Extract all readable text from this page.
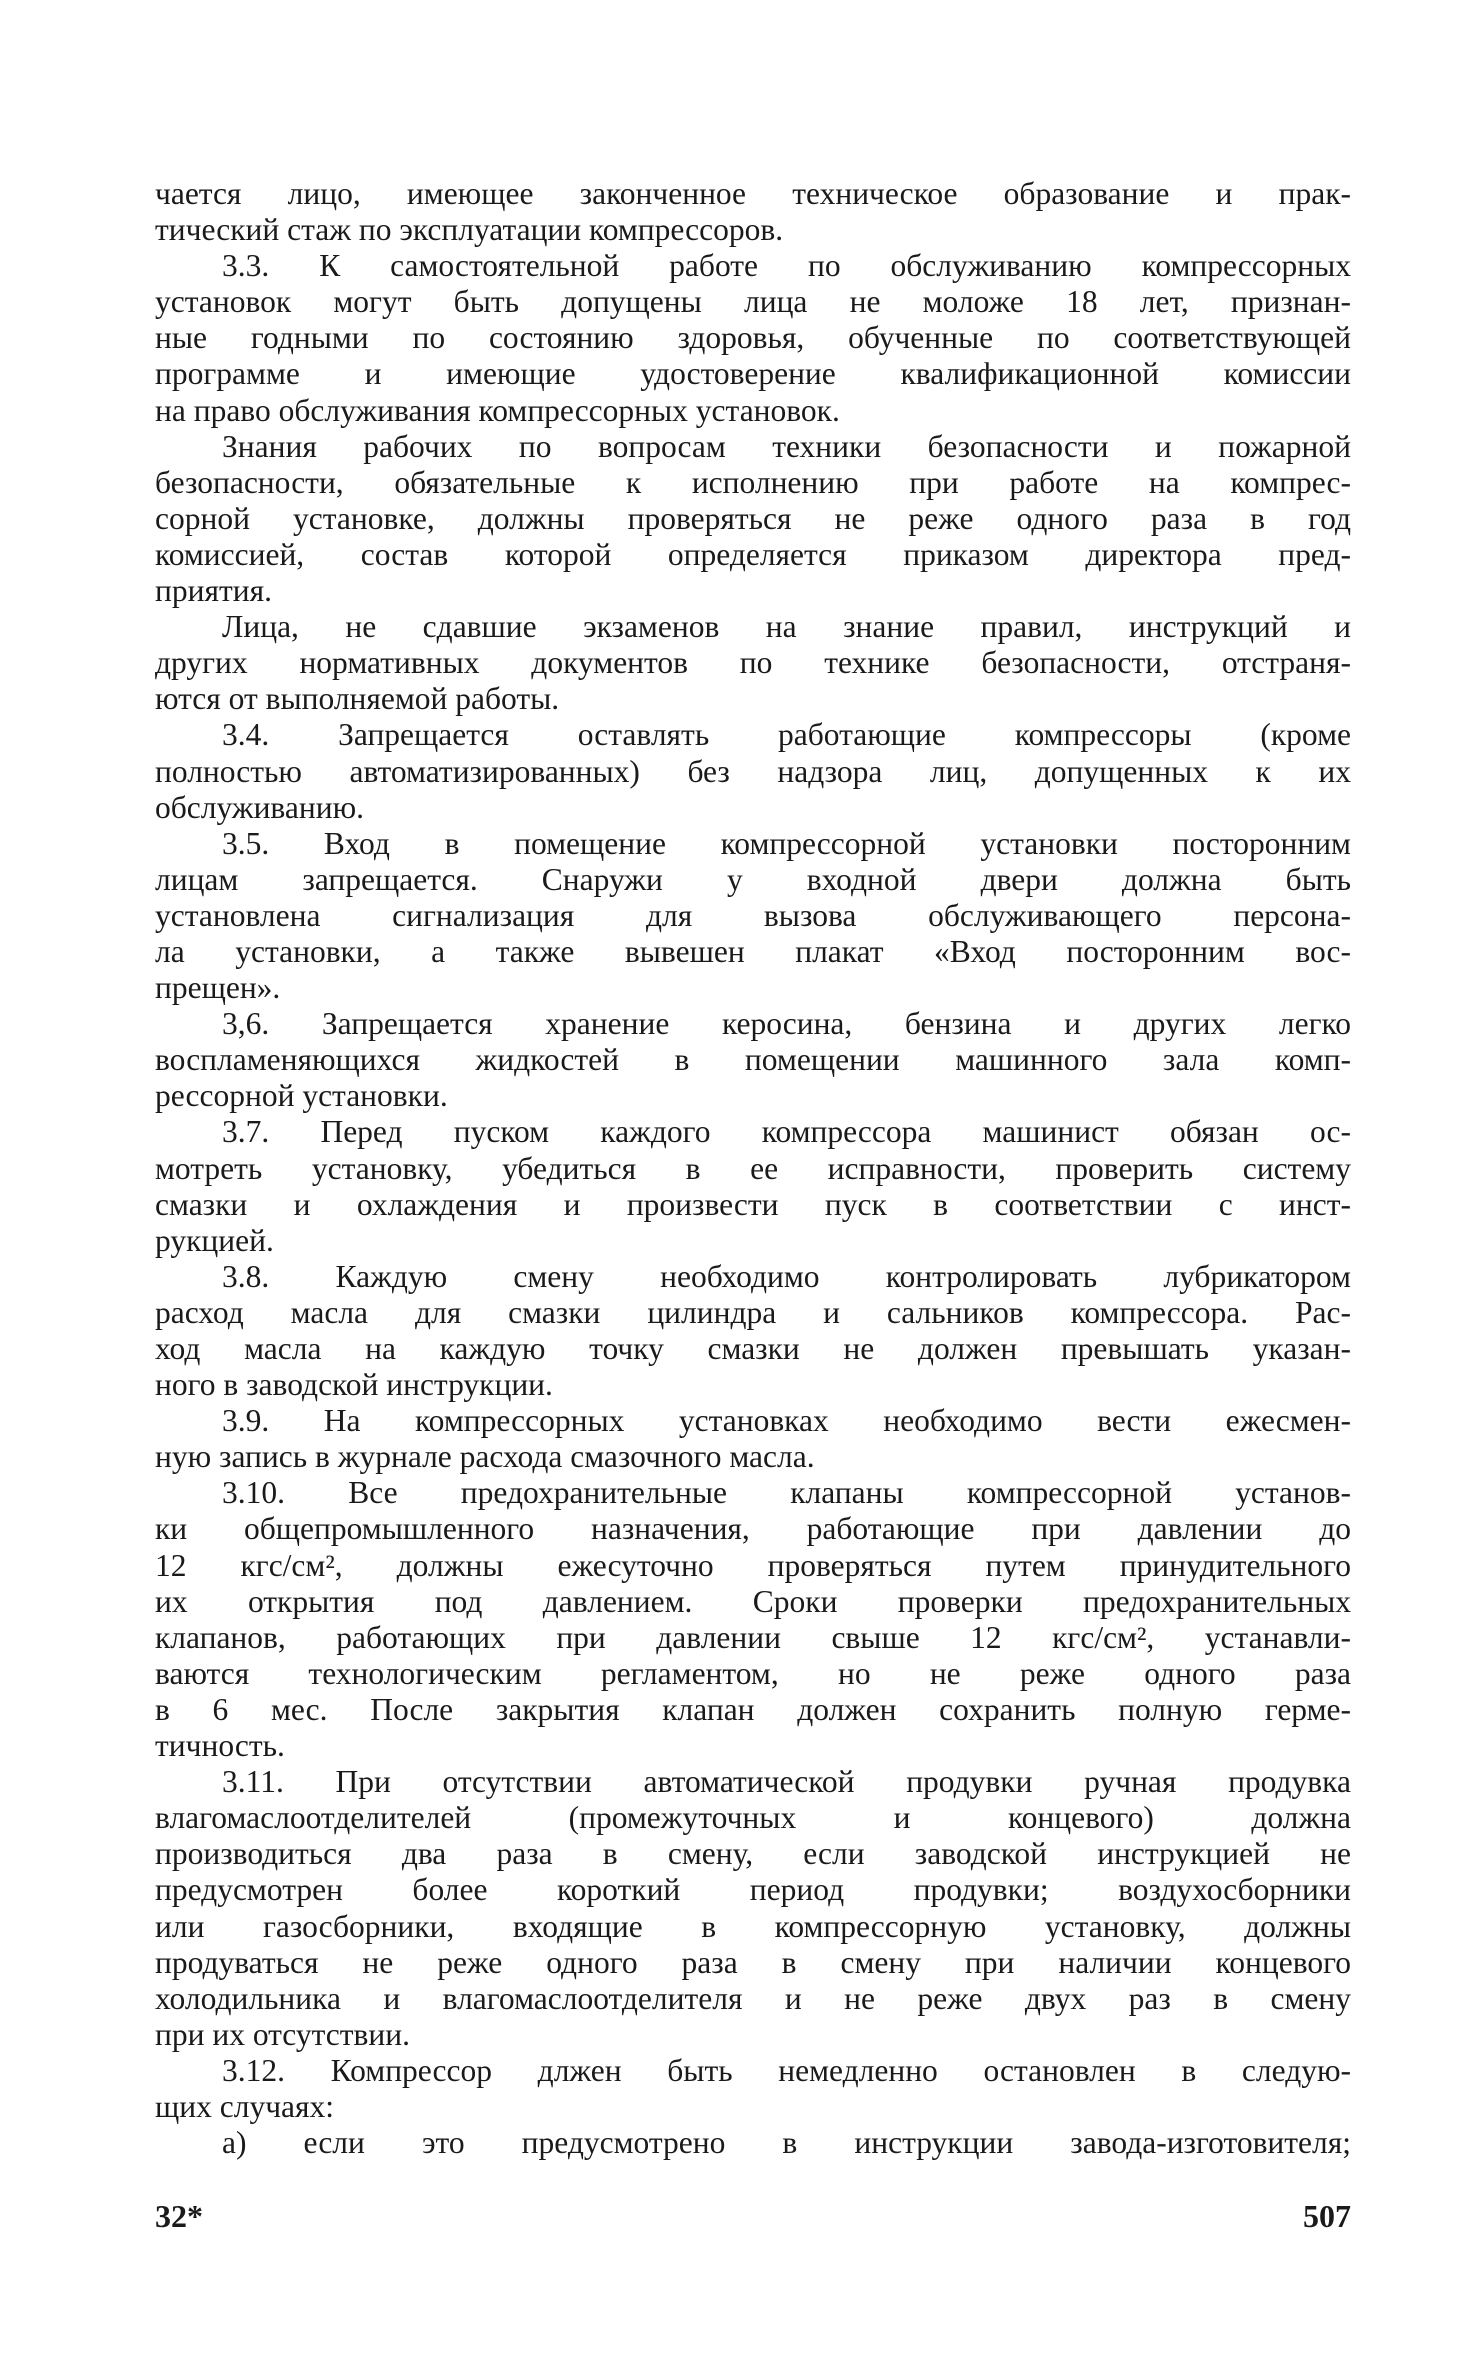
чается лицо, имеющее законченное техническое образование и прак-
тический стаж по эксплуатации компрессоров.
3.3. К самостоятельной работе по обслуживанию компрессорных
установок могут быть допущены лица не моложе 18 лет, признан-
ные годными по состоянию здоровья, обученные по соответствующей
программе и имеющие удостоверение квалификационной комиссии
на право обслуживания компрессорных установок.
Знания рабочих по вопросам техники безопасности и пожарной
безопасности, обязательные к исполнению при работе на компрес-
сорной установке, должны проверяться не реже одного раза в год
комиссией, состав которой определяется приказом директора пред-
приятия.
Лица, не сдавшие экзаменов на знание правил, инструкций и
других нормативных документов по технике безопасности, отстраня-
ются от выполняемой работы.
3.4. Запрещается оставлять работающие компрессоры (кроме
полностью автоматизированных) без надзора лиц, допущенных к их
обслуживанию.
3.5. Вход в помещение компрессорной установки посторонним
лицам запрещается. Снаружи у входной двери должна быть
установлена сигнализация для вызова обслуживающего персона-
ла установки, а также вывешен плакат «Вход посторонним вос-
прещен».
3,6. Запрещается хранение керосина, бензина и других легко
воспламеняющихся жидкостей в помещении машинного зала комп-
рессорной установки.
3.7. Перед пуском каждого компрессора машинист обязан ос-
мотреть установку, убедиться в ее исправности, проверить систему
смазки и охлаждения и произвести пуск в соответствии с инст-
рукцией.
3.8. Каждую смену необходимо контролировать лубрикатором
расход масла для смазки цилиндра и сальников компрессора. Рас-
ход масла на каждую точку смазки не должен превышать указан-
ного в заводской инструкции.
3.9. На компрессорных установках необходимо вести ежесмен-
ную запись в журнале расхода смазочного масла.
3.10. Все предохранительные клапаны компрессорной установ-
ки общепромышленного назначения, работающие при давлении до
12 кгс/см², должны ежесуточно проверяться путем принудительного
их открытия под давлением. Сроки проверки предохранительных
клапанов, работающих при давлении свыше 12 кгс/см², устанавли-
ваются технологическим регламентом, но не реже одного раза
в 6 мес. После закрытия клапан должен сохранить полную герме-
тичность.
3.11. При отсутствии автоматической продувки ручная продувка
влагомаслоотделителей (промежуточных и концевого) должна
производиться два раза в смену, если заводской инструкцией не
предусмотрен более короткий период продувки; воздухосборники
или газосборники, входящие в компрессорную установку, должны
продуваться не реже одного раза в смену при наличии концевого
холодильника и влагомаслоотделителя и не реже двух раз в смену
при их отсутствии.
3.12. Компрессор длжен быть немедленно остановлен в следую-
щих случаях:
а) если это предусмотрено в инструкции завода-изготовителя;
32*	507
